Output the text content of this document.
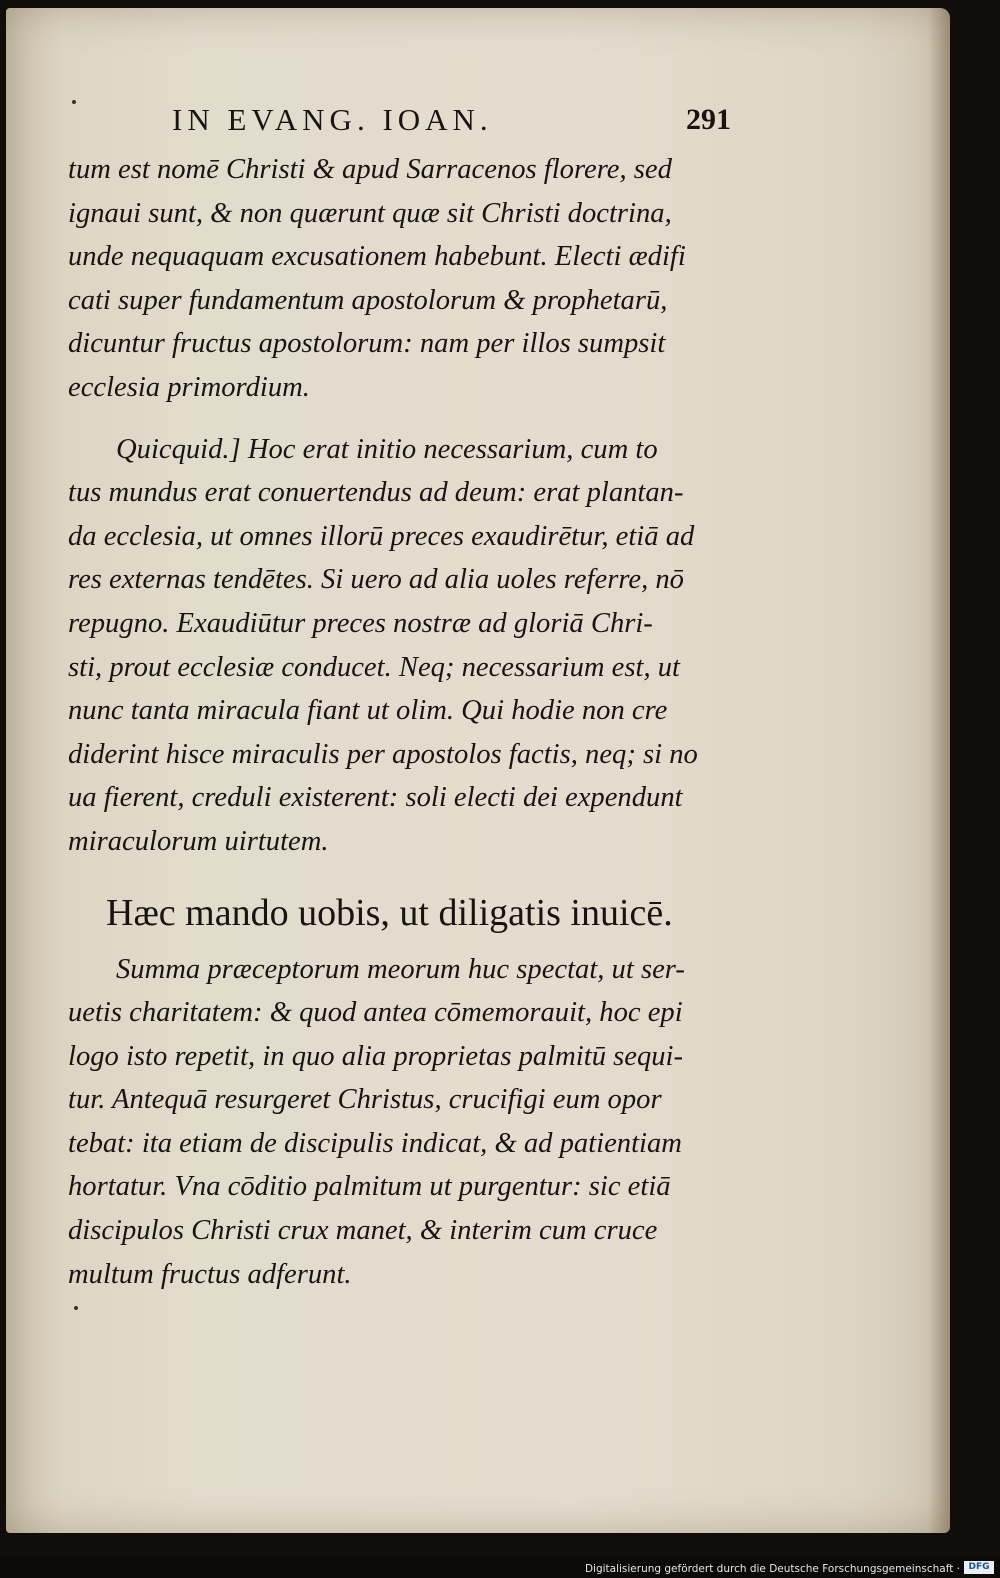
IN EVANG. IOAN.	291

tum est nomē Christi & apud Sarracenos florere, sed
ignaui sunt, & non quærunt quæ sit Christi doctrina,
unde nequaquam excusationem habebunt. Electi ædifi
cati super fundamentum apostolorum & prophetarū,
dicuntur fructus apostolorum: nam per illos sumpsit
ecclesia primordium.

Quicquid.] Hoc erat initio necessarium, cum to
tus mundus erat conuertendus ad deum: erat plantan-
da ecclesia, ut omnes illorū preces exaudirētur, etiā ad
res externas tendētes. Si uero ad alia uoles referre, nō
repugno. Exaudiūtur preces nostræ ad gloriā Chri-
sti, prout ecclesiæ conducet. Neq; necessarium est, ut
nunc tanta miracula fiant ut olim. Qui hodie non cre
diderint hisce miraculis per apostolos factis, neq; si no
ua fierent, creduli existerent: soli electi dei expendunt
miraculorum uirtutem.

Hæc mando uobis, ut diligatis inuicē.

Summa præceptorum meorum huc spectat, ut ser-
uetis charitatem: & quod antea cōmemorauit, hoc epi
logo isto repetit, in quo alia proprietas palmitū sequi-
tur. Antequā resurgeret Christus, crucifigi eum opor
tebat: ita etiam de discipulis indicat, & ad patientiam
hortatur. Vna cōditio palmitum ut purgentur: sic etiā
discipulos Christi crux manet, & interim cum cruce
multum fructus adferunt.

Digitalisierung gefördert durch die Deutsche Forschungsgemeinschaft · DFG
